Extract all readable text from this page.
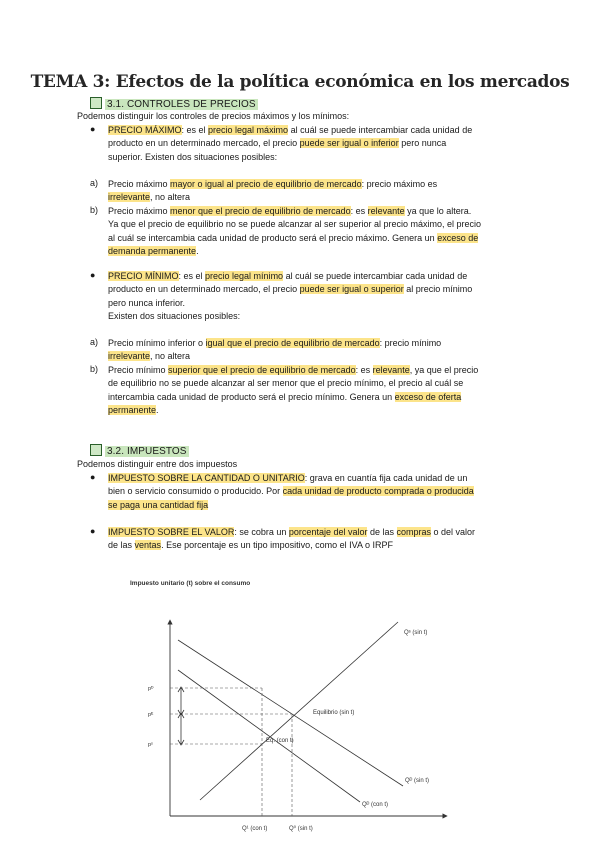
TEMA 3: Efectos de la política económica en los mercados
3.1. CONTROLES DE PRECIOS
Podemos distinguir los controles de precios máximos y los mínimos:
● PRECIO MÁXIMO: es el precio legal máximo al cuál se puede intercambiar cada unidad de
producto en un determinado mercado, el precio puede ser igual o inferior pero nunca
superior. Existen dos situaciones posibles:
a) Precio máximo mayor o igual al precio de equilibrio de mercado: precio máximo es
irrelevante, no altera
b) Precio máximo menor que el precio de equilibrio de mercado: es relevante ya que lo altera.
Ya que el precio de equilibrio no se puede alcanzar al ser superior al precio máximo, el precio
al cuál se intercambia cada unidad de producto será el precio máximo. Genera un exceso de
demanda permanente.
● PRECIO MÍNIMO: es el precio legal mínimo al cuál se puede intercambiar cada unidad de
producto en un determinado mercado, el precio puede ser igual o superior al precio mínimo
pero nunca inferior.
Existen dos situaciones posibles:
a) Precio mínimo inferior o igual que el precio de equilibrio de mercado: precio mínimo
irrelevante, no altera
b) Precio mínimo superior que el precio de equilibrio de mercado: es relevante, ya que el precio
de equilibrio no se puede alcanzar al ser menor que el precio mínimo, el precio al cuál se
intercambia cada unidad de producto será el precio mínimo. Genera un exceso de oferta
permanente.
3.2. IMPUESTOS
Podemos distinguir entre dos impuestos
● IMPUESTO SOBRE LA CANTIDAD O UNITARIO: grava en cuantía fija cada unidad de un
bien o servicio consumido o producido. Por cada unidad de producto comprada o producida
se paga una cantidad fija
● IMPUESTO SOBRE EL VALOR: se cobra un porcentaje del valor de las compras o del valor
de las ventas. Ese porcentaje es un tipo impositivo, como el IVA o IRPF
Impuesto unitario (t) sobre el consumo
Qˢ (sin t)
Qᴰ (sin t)
Qᴰ (con t)
Equilibrio (sin t)
Eq. (con t)
pᴰ
pᴱ
pˢ
Q¹ (con t)	Q⁰ (sin t)
